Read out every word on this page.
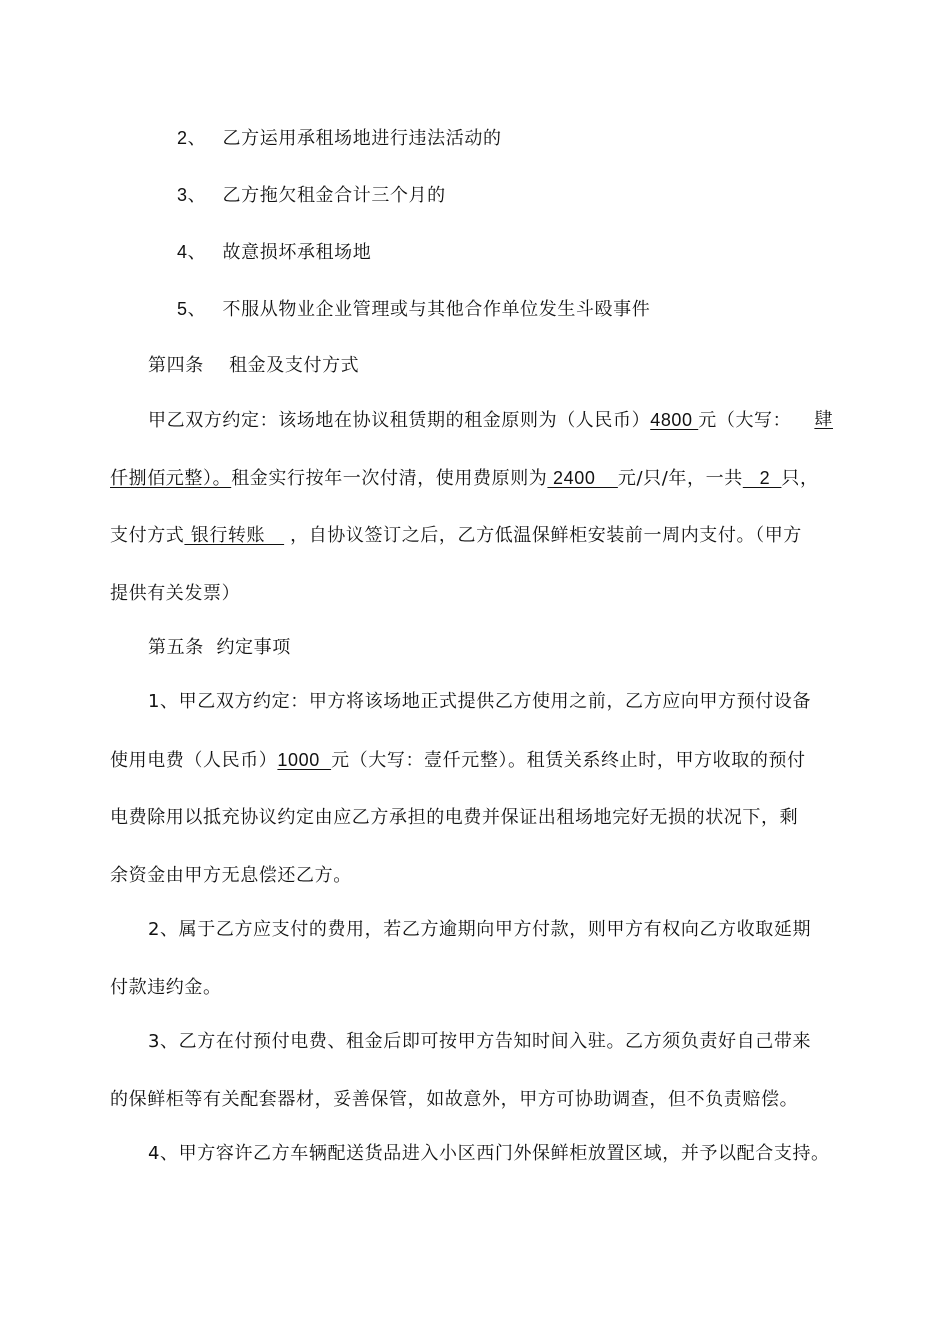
2、 乙方运用承租场地进行违法活动的
3、 乙方拖欠租金合计三个月的
4、 故意损坏承租场地
5、 不服从物业企业管理或与其他合作单位发生斗殴事件
第四条    租金及支付方式
甲乙双方约定：该场地在协议租赁期的租金原则为（人民币）4800 元（大写： 肆
仟捌佰元整）。租金实行按年一次付清，使用费原则为 2400    元/只/年，一共   2  只，
支付方式 银行转账   ，自协议签订之后，乙方低温保鲜柜安装前一周内支付。（甲方
提供有关发票）
第五条  约定事项
1、甲乙双方约定：甲方将该场地正式提供乙方使用之前，乙方应向甲方预付设备
使用电费（人民币）1000  元（大写：壹仟元整）。租赁关系终止时，甲方收取的预付
电费除用以抵充协议约定由应乙方承担的电费并保证出租场地完好无损的状况下，剩
余资金由甲方无息偿还乙方。
2、属于乙方应支付的费用，若乙方逾期向甲方付款，则甲方有权向乙方收取延期
付款违约金。
3、乙方在付预付电费、租金后即可按甲方告知时间入驻。乙方须负责好自己带来
的保鲜柜等有关配套器材，妥善保管，如故意外，甲方可协助调查，但不负责赔偿。
4、甲方容许乙方车辆配送货品进入小区西门外保鲜柜放置区域，并予以配合支持。
